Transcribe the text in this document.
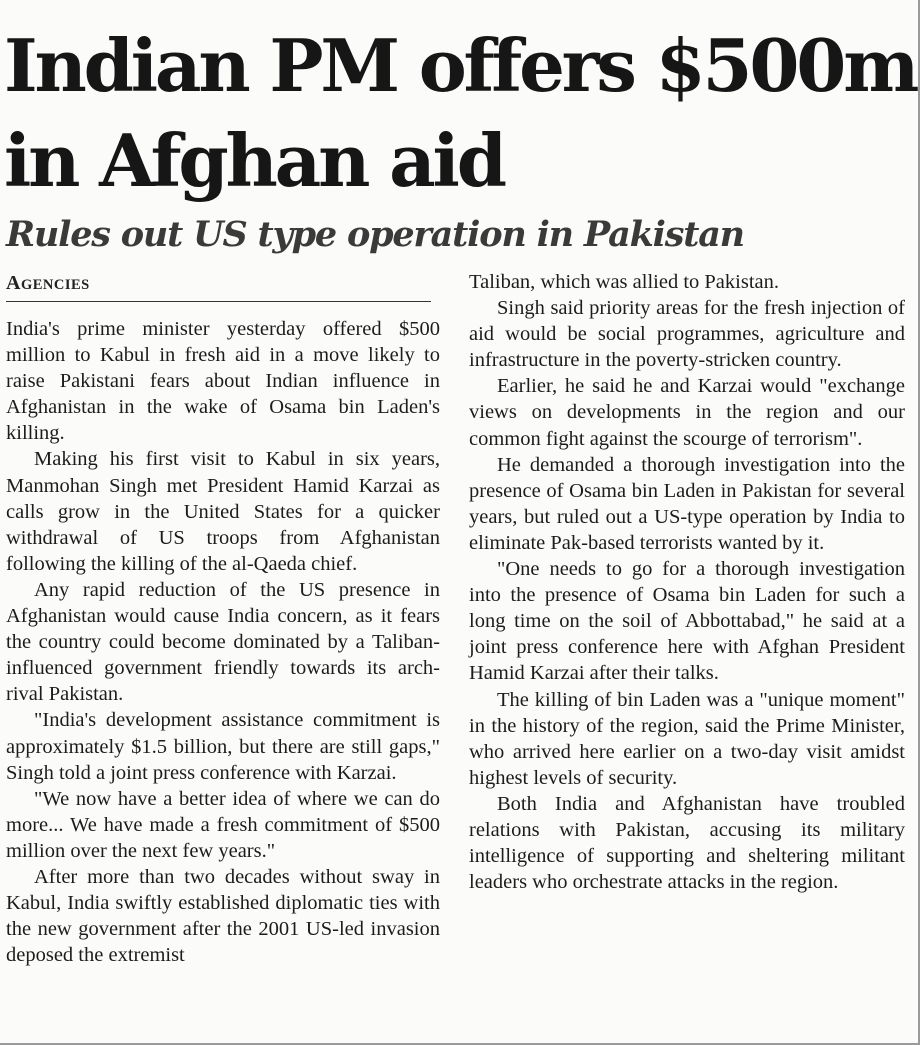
Indian PM offers $500m
in Afghan aid
Rules out US type operation in Pakistan
AGENCIES

India's prime minister yesterday offered $500 million to Kabul in fresh aid in a move likely to raise Pakistani fears about Indian influence in Afghanistan in the wake of Osama bin Laden's killing.

Making his first visit to Kabul in six years, Manmohan Singh met President Hamid Karzai as calls grow in the United States for a quicker withdrawal of US troops from Afghanistan following the killing of the al-Qaeda chief.

Any rapid reduction of the US presence in Afghanistan would cause India concern, as it fears the country could become dominated by a Taliban-influenced government friendly towards its arch-rival Pakistan.

"India's development assistance commitment is approximately $1.5 billion, but there are still gaps," Singh told a joint press conference with Karzai.

"We now have a better idea of where we can do more... We have made a fresh commitment of $500 million over the next few years."

After more than two decades without sway in Kabul, India swiftly established diplomatic ties with the new government after the 2001 US-led invasion deposed the extremist

Taliban, which was allied to Pakistan.

Singh said priority areas for the fresh injection of aid would be social programmes, agriculture and infrastructure in the poverty-stricken country.

Earlier, he said he and Karzai would "exchange views on developments in the region and our common fight against the scourge of terrorism".

He demanded a thorough investigation into the presence of Osama bin Laden in Pakistan for several years, but ruled out a US-type operation by India to eliminate Pak-based terrorists wanted by it.

"One needs to go for a thorough investigation into the presence of Osama bin Laden for such a long time on the soil of Abbottabad," he said at a joint press conference here with Afghan President Hamid Karzai after their talks.

The killing of bin Laden was a "unique moment" in the history of the region, said the Prime Minister, who arrived here earlier on a two-day visit amidst highest levels of security.

Both India and Afghanistan have troubled relations with Pakistan, accusing its military intelligence of supporting and sheltering militant leaders who orchestrate attacks in the region.
